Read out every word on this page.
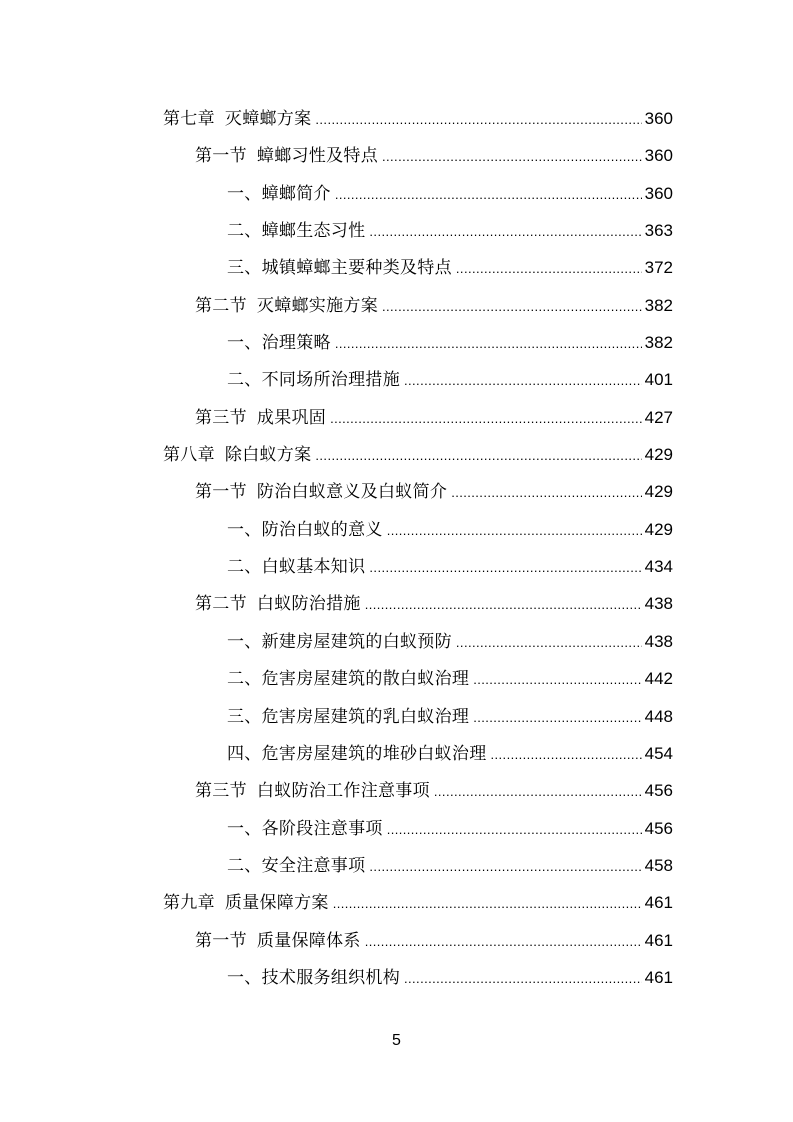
第七章 灭蟑螂方案 .....	360
第一节 蟑螂习性及特点 .....	360
一、蟑螂简介 .....	360
二、蟑螂生态习性 .....	363
三、城镇蟑螂主要种类及特点 .....	372
第二节 灭蟑螂实施方案 .....	382
一、治理策略 .....	382
二、不同场所治理措施 .....	401
第三节 成果巩固 .....	427
第八章 除白蚁方案 .....	429
第一节 防治白蚁意义及白蚁简介 .....	429
一、防治白蚁的意义 .....	429
二、白蚁基本知识 .....	434
第二节 白蚁防治措施 .....	438
一、新建房屋建筑的白蚁预防 .....	438
二、危害房屋建筑的散白蚁治理 .....	442
三、危害房屋建筑的乳白蚁治理 .....	448
四、危害房屋建筑的堆砂白蚁治理 .....	454
第三节 白蚁防治工作注意事项 .....	456
一、各阶段注意事项 .....	456
二、安全注意事项 .....	458
第九章 质量保障方案 .....	461
第一节 质量保障体系 .....	461
一、技术服务组织机构 .....	461
5
